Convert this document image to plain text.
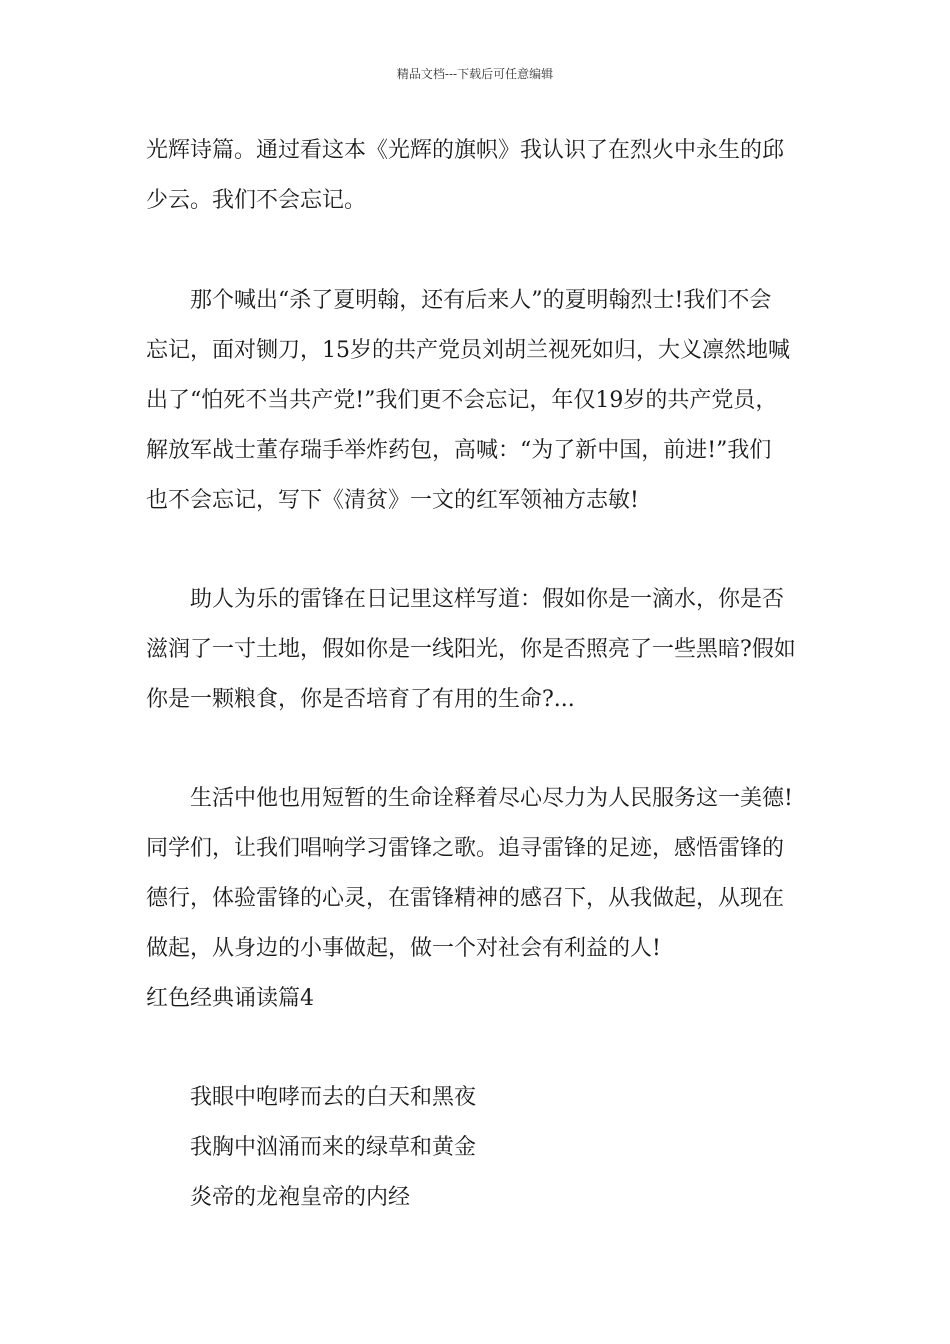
精品文档---下载后可任意编辑
光辉诗篇。通过看这本《光辉的旗帜》我认识了在烈火中永生的邱
少云。我们不会忘记。
那个喊出“杀了夏明翰，还有后来人”的夏明翰烈士!我们不会
忘记，面对铡刀，15岁的共产党员刘胡兰视死如归，大义凛然地喊
出了“怕死不当共产党!”我们更不会忘记，年仅19岁的共产党员，
解放军战士董存瑞手举炸药包，高喊：“为了新中国，前进!”我们
也不会忘记，写下《清贫》一文的红军领袖方志敏!
助人为乐的雷锋在日记里这样写道：假如你是一滴水，你是否
滋润了一寸土地，假如你是一线阳光，你是否照亮了一些黑暗?假如
你是一颗粮食，你是否培育了有用的生命?...
生活中他也用短暂的生命诠释着尽心尽力为人民服务这一美德!
同学们，让我们唱响学习雷锋之歌。追寻雷锋的足迹，感悟雷锋的
德行，体验雷锋的心灵，在雷锋精神的感召下，从我做起，从现在
做起，从身边的小事做起，做一个对社会有利益的人!
红色经典诵读篇4
我眼中咆哮而去的白天和黑夜
我胸中汹涌而来的绿草和黄金
炎帝的龙袍皇帝的内经
